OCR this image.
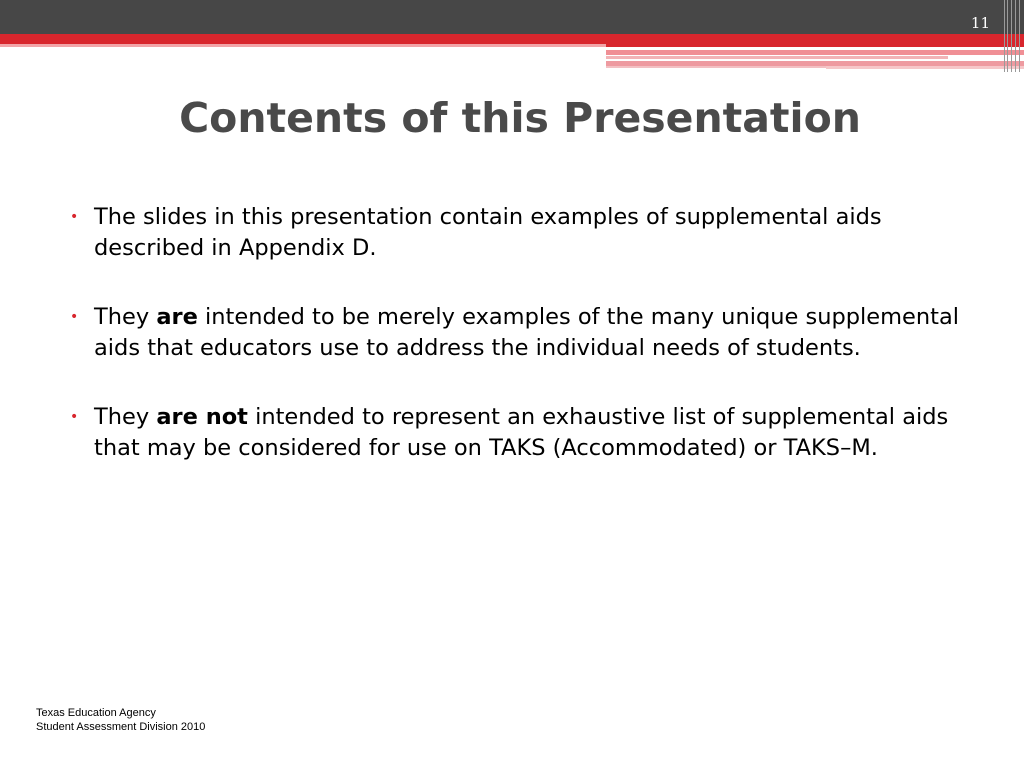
11
Contents of this Presentation
• The slides in this presentation contain examples of supplemental aids described in Appendix D.
• They are intended to be merely examples of the many unique supplemental aids that educators use to address the individual needs of students.
• They are not intended to represent an exhaustive list of supplemental aids that may be considered for use on TAKS (Accommodated) or TAKS–M.
Texas Education Agency
Student Assessment Division 2010
